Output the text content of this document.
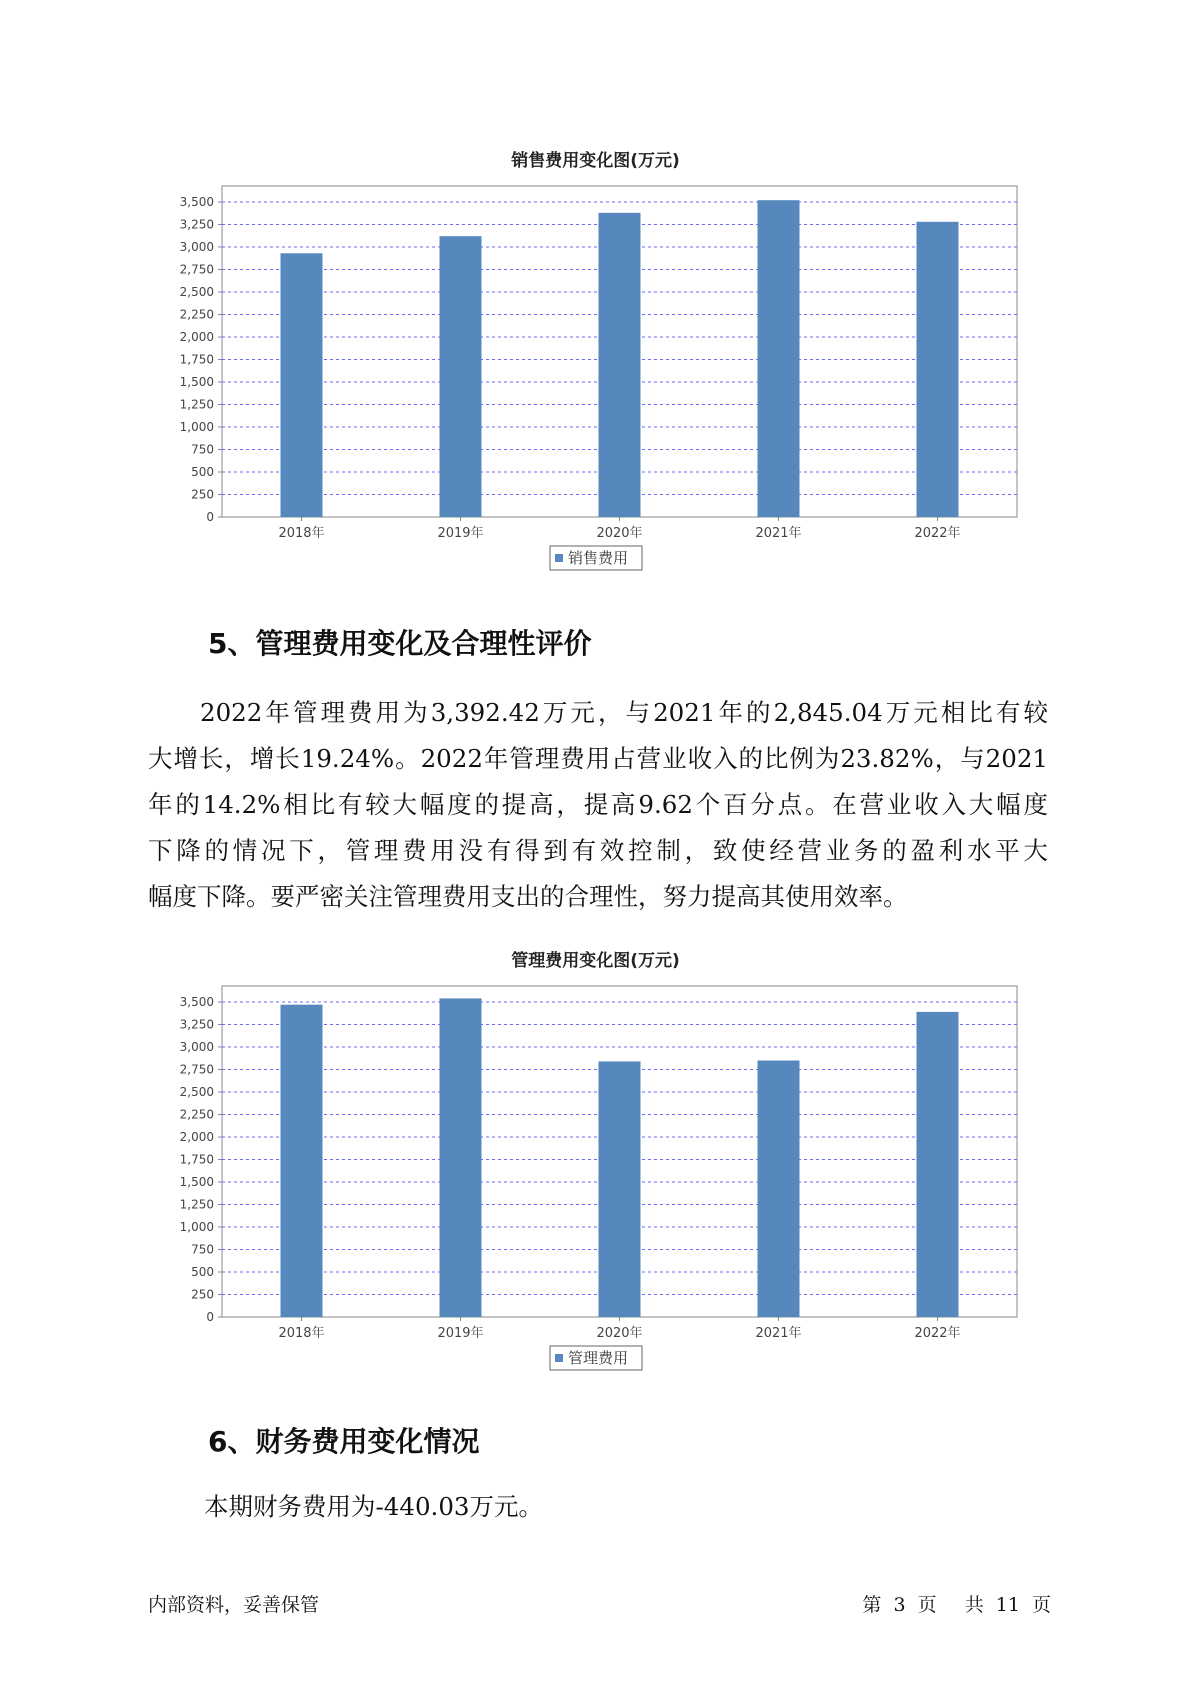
销售费用变化图(万元)
0
250
500
750
1,000
1,250
1,500
1,750
2,000
2,250
2,500
2,750
3,000
3,250
3,500
2018年	2019年	2020年	2021年	2022年
销售费用
5、管理费用变化及合理性评价
2022年管理费用为3,392.42万元，与2021年的2,845.04万元相比有较
大增长，增长19.24%。2022年管理费用占营业收入的比例为23.82%，与2021
年的14.2%相比有较大幅度的提高，提高9.62个百分点。在营业收入大幅度
下降的情况下，管理费用没有得到有效控制，致使经营业务的盈利水平大
幅度下降。要严密关注管理费用支出的合理性，努力提高其使用效率。
管理费用变化图(万元)
0
250
500
750
1,000
1,250
1,500
1,750
2,000
2,250
2,500
2,750
3,000
3,250
3,500
2018年	2019年	2020年	2021年	2022年
管理费用
6、财务费用变化情况
本期财务费用为-440.03万元。
内部资料，妥善保管	第 3 页 共 11 页
